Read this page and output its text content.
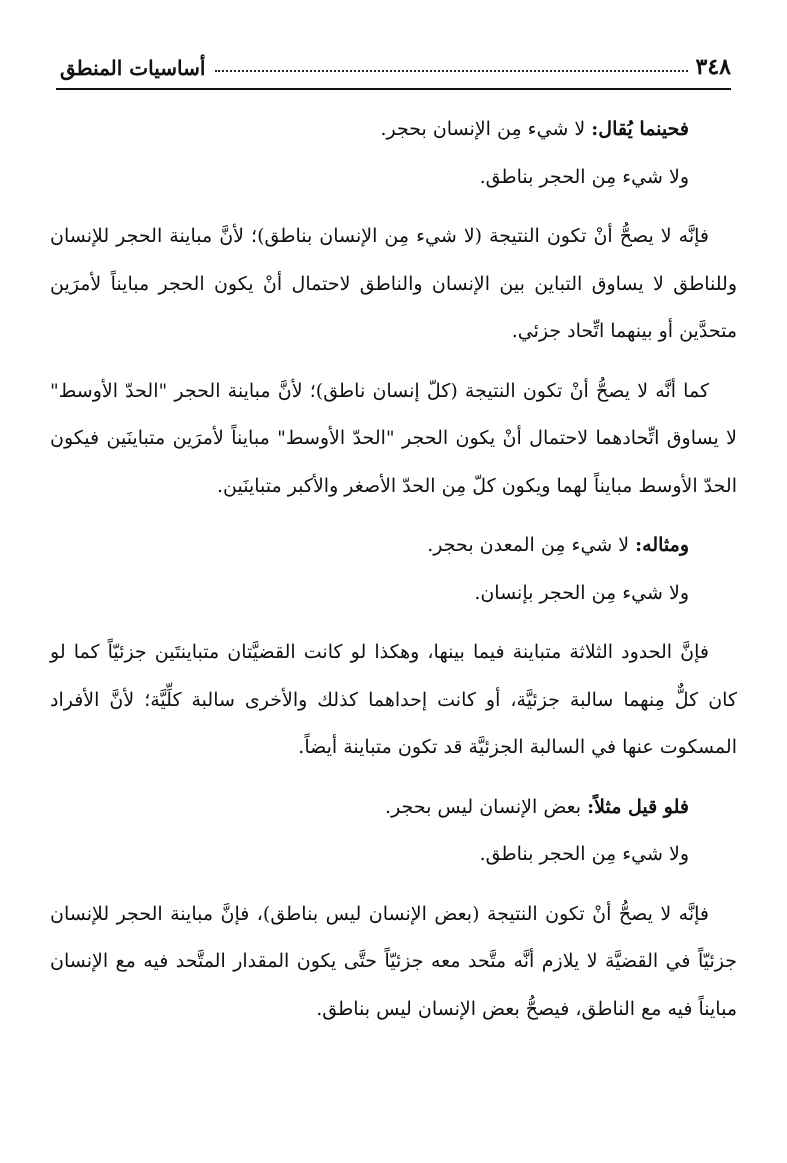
٣٤٨
أساسيات المنطق

فحينما يُقال: لا شيء مِن الإنسان بحجر.

ولا شيء مِن الحجر بناطق.

فإنَّه لا يصحُّ أنْ تكون النتيجة (لا شيء مِن الإنسان بناطق)؛ لأنَّ مباينة الحجر للإنسان وللناطق لا يساوق التباين بين الإنسان والناطق لاحتمال أنْ يكون الحجر مبايناً لأمرَين متحدَّين أو بينهما اتِّحاد جزئي.

كما أنَّه لا يصحُّ أنْ تكون النتيجة (كلّ إنسان ناطق)؛ لأنَّ مباينة الحجر "الحدّ الأوسط" لا يساوق اتِّحادهما لاحتمال أنْ يكون الحجر "الحدّ الأوسط" مبايناً لأمرَين متباينَين فيكون الحدّ الأوسط مبايناً لهما ويكون كلّ مِن الحدّ الأصغر والأكبر متباينَين.

ومثاله: لا شيء مِن المعدن بحجر.

ولا شيء مِن الحجر بإنسان.

فإنَّ الحدود الثلاثة متباينة فيما بينها، وهكذا لو كانت القضيَّتان متباينتَين جزئيّاً كما لو كان كلٌّ مِنهما سالبة جزئيَّة، أو كانت إحداهما كذلك والأخرى سالبة كلِّيَّة؛ لأنَّ الأفراد المسكوت عنها في السالبة الجزئيَّة قد تكون متباينة أيضاً.

فلو قيل مثلاً: بعض الإنسان ليس بحجر.

ولا شيء مِن الحجر بناطق.

فإنَّه لا يصحُّ أنْ تكون النتيجة (بعض الإنسان ليس بناطق)، فإنَّ مباينة الحجر للإنسان جزئيّاً في القضيَّة لا يلازم أنَّه متَّحد معه جزئيّاً حتَّى يكون المقدار المتَّحد فيه مع الإنسان مبايناً فيه مع الناطق، فيصحُّ بعض الإنسان ليس بناطق.
